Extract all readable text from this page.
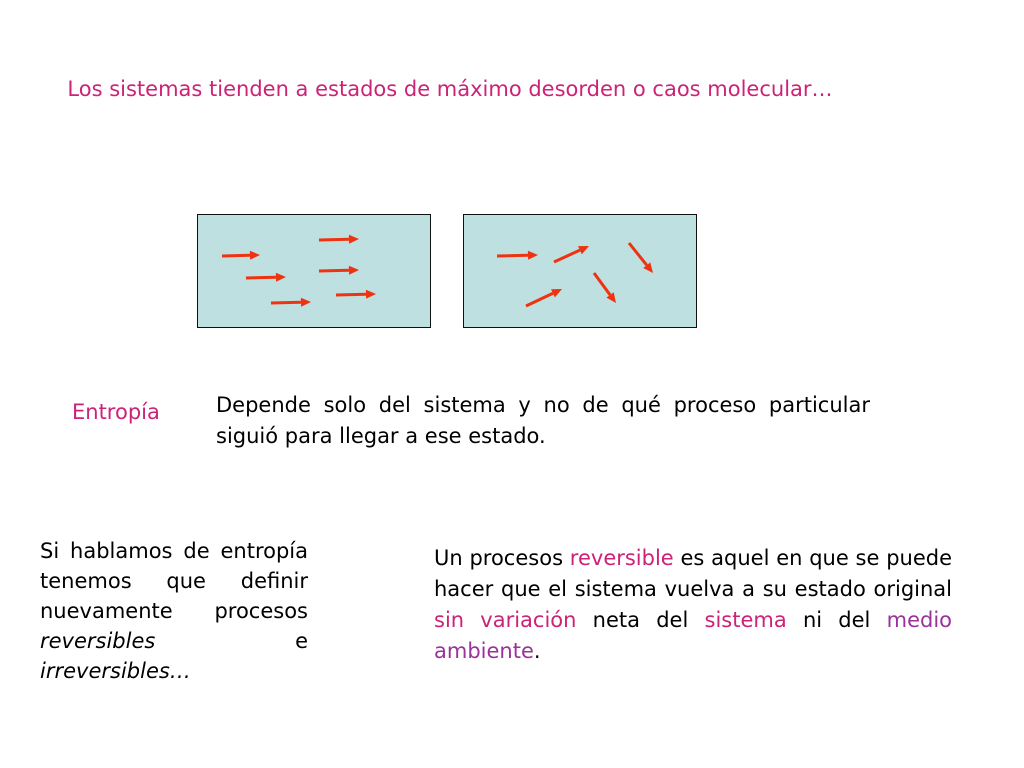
Los sistemas tienden a estados de máximo desorden o caos molecular…
Entropía	Depende solo del sistema y no de qué proceso particular siguió para llegar a ese estado.
Si hablamos de entropía tenemos que definir nuevamente procesos reversibles e irreversibles…
Un procesos reversible es aquel en que se puede hacer que el sistema vuelva a su estado original sin variación neta del sistema ni del medio ambiente.
